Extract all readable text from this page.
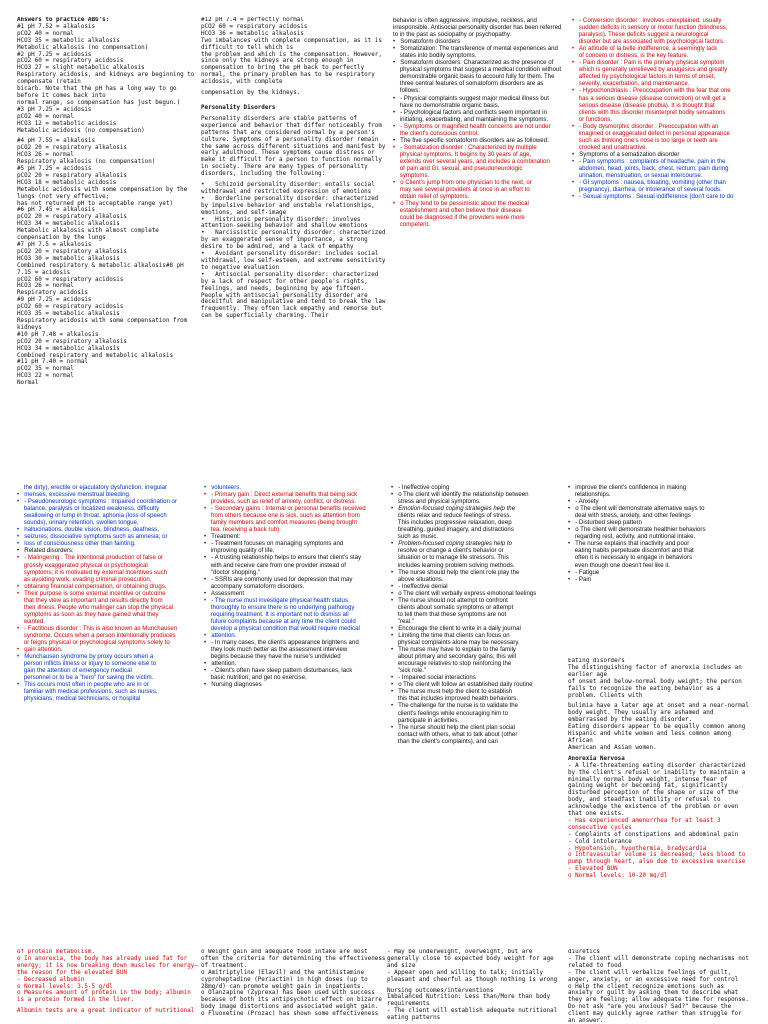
Answers to practice ABG's:

#1 pH 7.52 = alkalosis

pCO2 40 = normal

HCO3 35 = metabolic alkalosis

Metabolic alkalosis (no compensation)

#2 pH 7.25 = acidosis

pCO2 60 = respiratory acidosis

HCO3 27 = slight metabolic alkalosis

Respiratory acidosis, and kidneys are beginning to compensate (retain

bicarb. Note that the pH has a long way to go before it comes back into

normal range, so compensation has just begun.)

#3 pH 7.25 = acidosis

pCO2 40 = normal

HCO3 12 = metabolic acidosis

Metabolic acidosis (no compensation)

#4 pH 7.55 = alkalosis

pCO2 20 = respiratory alkalosis

HCO3 26 = normal

Respiratory alkalosis (no compensation)

#5 pH 7.25 = acidosis

pCO2 20 = respiratory alkalosis

HCO3 18 = metabolic acidosis

Metabolic acidosis with some compensation by the lungs (not very effective;

has not returned pH to acceptable range yet)

#6 pH 7.45 = alkalosis

pCO2 20 = respiratory alkalosis

HCO3 34 = metabolic alkalosis

Metabolic alkalosis with almost complete compensation by the lungs

#7 pH 7.5 = alkalosis

pCO2 20 = respiratory alkalosis

HCO3 30 = metabolic alkalosis

Combined respiratory & metabolic alkalosis#8 pH 7.15 = acidosis

pCO2 60 = respiratory acidosis

HCO3 26 = normal

Respiratory acidosis

#9 pH 7.25 = acidosis

pCO2 60 = respiratory acidosis

HCO3 35 = metabolic alkalosis

Respiratory acidosis with some compensation from kidneys

#10 pH 7.48 = alkalosis

pCO2 20 = respiratory alkalosis

HCO3 34 = metabolic alkalosis

Combined respiratory and metabolic alkalosis

#11 pH 7.40 = normal

pCO2 35 = normal

HCO3 22 = normal

Normal

#12 pH 7.4 = perfectly normal

pCO2 60 = respiratory acidosis

HCO3 36 = metabolic alkalosis

Two imbalances with complete compensation, as it is difficult to tell which is

the problem and which is the compensation. However, since only the kidneys are strong enough in compensation to bring the pH back to perfectly normal, the primary problem has to be respiratory acidosis, with complete

compensation by the kidneys.

Personality Disorders

Personality disorders are stable patterns of experience and behavior that differ noticeably from patterns that are considered normal by a person's culture. Symptoms of a personality disorder remain the same across different situations and manifest by early adulthood. These symptoms cause distress or make it difficult for a person to function normally in society. There are many types of personality disorders, including the following:

•   Schizoid personality disorder: entails social withdrawal and restricted expression of emotions

•   Borderline personality disorder: characterized by impulsive behavior and unstable relationships, emotions, and self-image

•   Histrionic personality disorder: involves attention-seeking behavior and shallow emotions

•   Narcissistic personality disorder: characterized by an exaggerated sense of importance, a strong desire to be admired, and a lack of empathy

•   Avoidant personality disorder: includes social withdrawal, low self-esteem, and extreme sensitivity to negative evaluation

•   Antisocial personality disorder: characterized by a lack of respect for other people's rights, feelings, and needs, beginning by age fifteen. People with antisocial personality disorder are deceitful and manipulative and tend to break the law frequently. They often lack empathy and remorse but can be superficially charming. Their

behavior is often aggressive, impulsive, reckless, and irresponsible. Antisocial personality disorder has been referred to in the past as sociopathy or psychopathy.

•   Somatoform disorders

•   Somatization: The transference of mental experiences and

states into bodily symptoms.

•   Somatoform disorders: Characterized as the presence of

physical symptoms that suggest a medical condition without

demonstrable organic basis to account fully for them. The

three central features of somatoform disorders are as

follows:

•   - Physical complaints suggest major medical illness but

have no demonstrable organic basis.

•   - Psychological factors and conflicts seem important in

initiating, exacerbating, and maintaining the symptoms.

•   - Symptoms or magnified health concerns are not under

the client's conscious control.

•   The five specific somatoform disorders are as followed:

•   - Somatization disorder : Characterized by multiple

physical symptoms. It begins by 30 years of age,

extends over several years, and includes a combination

of pain and GI, sexual, and pseudoneurologic

symptoms.

•   o Client's jump from one physician to the next, or

may see several providers at once in an effort to

obtain relief of symptoms.

•   o They tend to be pessimistic about the medical

establishment and often believe their disease

could be diagnosed if the providers were more

competent.

•   - Conversion disorder : involves unexplained, usually

sudden deficits in sensory or motor function (blindness,

paralysis). These deficits suggest a neurological

disorder but are associated with psychological factors.

•   An attitude of la belle indifference, a seemingly lack

of concern or distress, is the key feature.

•   - Pain disorder : Pain is the primary physical symptom

which is generally unrelieved by analgesics and greatly

affected by psychological factors in terms of onset,

severity, exacerbation, and maintenance.

•   - Hypochondriasis : Preoccupation with the fear that one

has a serious disease (disease conviction) or will get a

serious disease (disease phobia). It is thought that

clients with this disorder misinterpret bodily sensations

or functions.

•   - Body dysmorphic disorder : Preoccupation with an

imagined or exaggerated defect in personal appearance

such as thinking one's nose is too large or teeth are

crooked and unattractive.

•   Symptoms of a somatization disorder

•   - Pain symptoms : complaints of headache, pain in the

abdomen, head, joints, back, chest, rectum; pain during

urination, menstruation, or sexual intercourse.

•   - GI symptoms : nausea, bloating, vomiting (other than

pregnancy), diarrhea, or intolerance of several foods.

•   - Sexual symptoms : Sexual indifference (don't care to do

the dirty), erectile or ejaculatory dysfunction, irregular

•   menses, excessive menstrual bleeding.

•   - Pseudoneurologic symptoms : Impaired coordination or

balance, paralysis or localized weakness, difficulty

swallowing or lump in throat, aphonia (loss of speech

sounds), urinary retention, swollen tongue,

•   hallucinations, double vision, blindness, deafness,

•   seizures; dissociative symptoms such as amnesia; or

•   loss of consciousness other than fainting.

•   Related disorders:

•   - Malingering : The intentional production of false or

grossly exaggerated physical or psychological

symptoms; it is motivated by external incentives such

as avoiding work, evading criminal prosecution,

•   obtaining financial compensation, or obtaining drugs.

•   Their purpose is some external incentive or outcome

that they view as important and results directly from

their illness. People who malinger can stop the physical

symptoms as soon as they have gained what they

wanted.

•   - Factitious disorder : This is also known as Munchausen

syndrome. Occurs when a person intentionally produces

or feigns physical or psychological symptoms solely to

•   gain attention.

•   Munchausen syndrome by proxy occurs when a

person inflicts illness or injury to someone else to

gain the attention of emergency medical

personnel or to be a "hero" for saving the victim.

•   This occurs most often in people who are in or

familiar with medical professions, such as nurses,

physicians, medical technicians, or hospital

•   volunteers.

•   - Primary gain : Direct external benefits that being sick

provides, such as relief of anxiety, conflict, or distress.

•   - Secondary gains : Internal or personal benefits received

from others because one is sick, such as attention from

family members and comfort measures (being brought

tea, receiving a back rub).

•   Treatment:

•   - Treatment focuses on managing symptoms and

improving quality of life.

•   - A trusting relationship helps to ensure that client's stay

with and receive care from one provider instead of

"doctor shopping."

•   - SSRIs are commonly used for depression that may

accompany somatoform disorders.

•   Assessment

•   - The nurse must investigate physical health status

thoroughly to ensure there is no underlying pathology

requiring treatment. It is important not to dismiss all

future complaints because at any time the client could

develop a physical condition that would require medical

•   attention.

•   - In many cases, the client's appearance brightens and

they look much better as the assessment interview

begins because they have the nurse's undivided

•   attention.

•   - Client's often have sleep pattern disturbances, lack

basic nutrition, and get no exercise.

•   Nursing diagnoses

•   - Ineffective coping

•   o The client will identify the relationship between

stress and physical symptoms.

•   Emotion-focused coping strategies help the

clients relax and reduce feelings of stress.

This includes progressive relaxation, deep

breathing, guided imagery, and distractions

such as music.

•   Problem-focused coping strategies help to

resolve or change a client's behavior or

situation or to manage life stressors. This

includes learning problem solving methods.

•   The nurse should help the client role play the

above situations.

•   - Ineffective denial

•   o The client will verbally express emotional feelings

•   The nurse should not attempt to confront

clients about somatic symptoms or attempt

to tell them that these symptoms are not

"real."

•   Encourage the client to write in a daily journal

•   Limiting the time that clients can focus on

physical complaints alone may be necessary.

•   The nurse may have to explain to the family

about primary and secondary gains; this will

encourage relatives to stop reinforcing the

"sick role."

•   - Impaired social interactions

•   o The client will follow an established daily routine

•   The nurse must help the client to establish

this that includes improved health behaviors.

•   The challenge for the nurse is to validate the

client's feelings while encouraging him to

participate in activities.

•   The nurse should help the client plan social

contact with others, what to talk about (other

than the client's complaints), and can

•   improve the client's confidence in making

relationships.

•   - Anxiety

•   o The client will demonstrate alternative ways to

deal with stress, anxiety, and other feelings

•   - Disturbed sleep pattern

•   o The client will demonstrate healthier behaviors

regarding rest, activity, and nutritional intake.

•   The nurse explains that inactivity and poor

eating habits perpetuate discomfort and that

often it is necessary to engage in behaviors

even though one doesn't feel like it.

•   - Fatigue

•   - Pain

Eating disorders

The distinguishing factor of anorexia includes an earlier age

of onset and below-normal body weight; the person fails to recognize the eating behavior as a problem. Clients with

bulimia have a later age at onset and a near-normal body weight. They usually are ashamed and embarrassed by the eating disorder.

Eating disorders appear to be equally common among Hispanic and white women and less common among African

American and Asian women.

Anorexia Nervosa

- A life-threatening eating disorder characterized by the client's refusal or inability to maintain a minimally normal body weight, intense fear of gaining weight or becoming fat, significantly disturbed perception of the shape or size of the body, and steadfast inability or refusal to acknowledge the existence of the problem or even that one exists.

- Has experienced amenorrhea for at least 3 consecutive cycles

- Complaints of constipations and abdominal pain

- Cold intolerance

- Hypotension, hypothermia, bradycardia

o Intravascular volume is decreased; less blood to pump through heart, also due to excessive exercise

- Elevated BUN

o Normal levels: 10-20 mg/dl

of protein metabolism.

o In anorexia, the body has already used fat for energy; it is now breaking down muscles for energy—the reason for the elevated BUN

- Decreased albumin

o Normal levels: 3.5-5 g/dl

o Measures amount of protein in the body; albumin is a protein formed in the liver.

Albumin tests are a great indicator of nutritional

o Weight gain and adequate food intake are most often the criteria for determining the effectiveness of treatment.

o Amitriptyline (Elavil) and the antihistamine cyproheptadine (Periactin) in high doses (up to 28mg/d) can promote weight gain in inpatients.

o Olanzapine (Zyprexa) has been used with success because of both its antipsychotic effect on bizarre body image distortions and associated weight gain.

o Fluoxetine (Prozac) has shown some effectiveness

- May be underweight, overweight, but are generally close to expected body weight for age and size

- Appear open and willing to talk; initially pleasant and cheerful as though nothing is wrong

Nursing outcomes/interventions

Imbalanced Nutrition: Less than/More than body requirements

- The client will establish adequate nutritional eating patterns

diuretics

- The client will demonstrate coping mechanisms not related to food

- The client will verbalize feelings of guilt, anger, anxiety, or an excessive need for control

o Help the client recognize emotions such as anxiety or guilt by asking them to describe what they are feeling; allow adequate time for response. Do not ask "are you anxious? Sad?" because the client may quickly agree rather than struggle for an answer.
